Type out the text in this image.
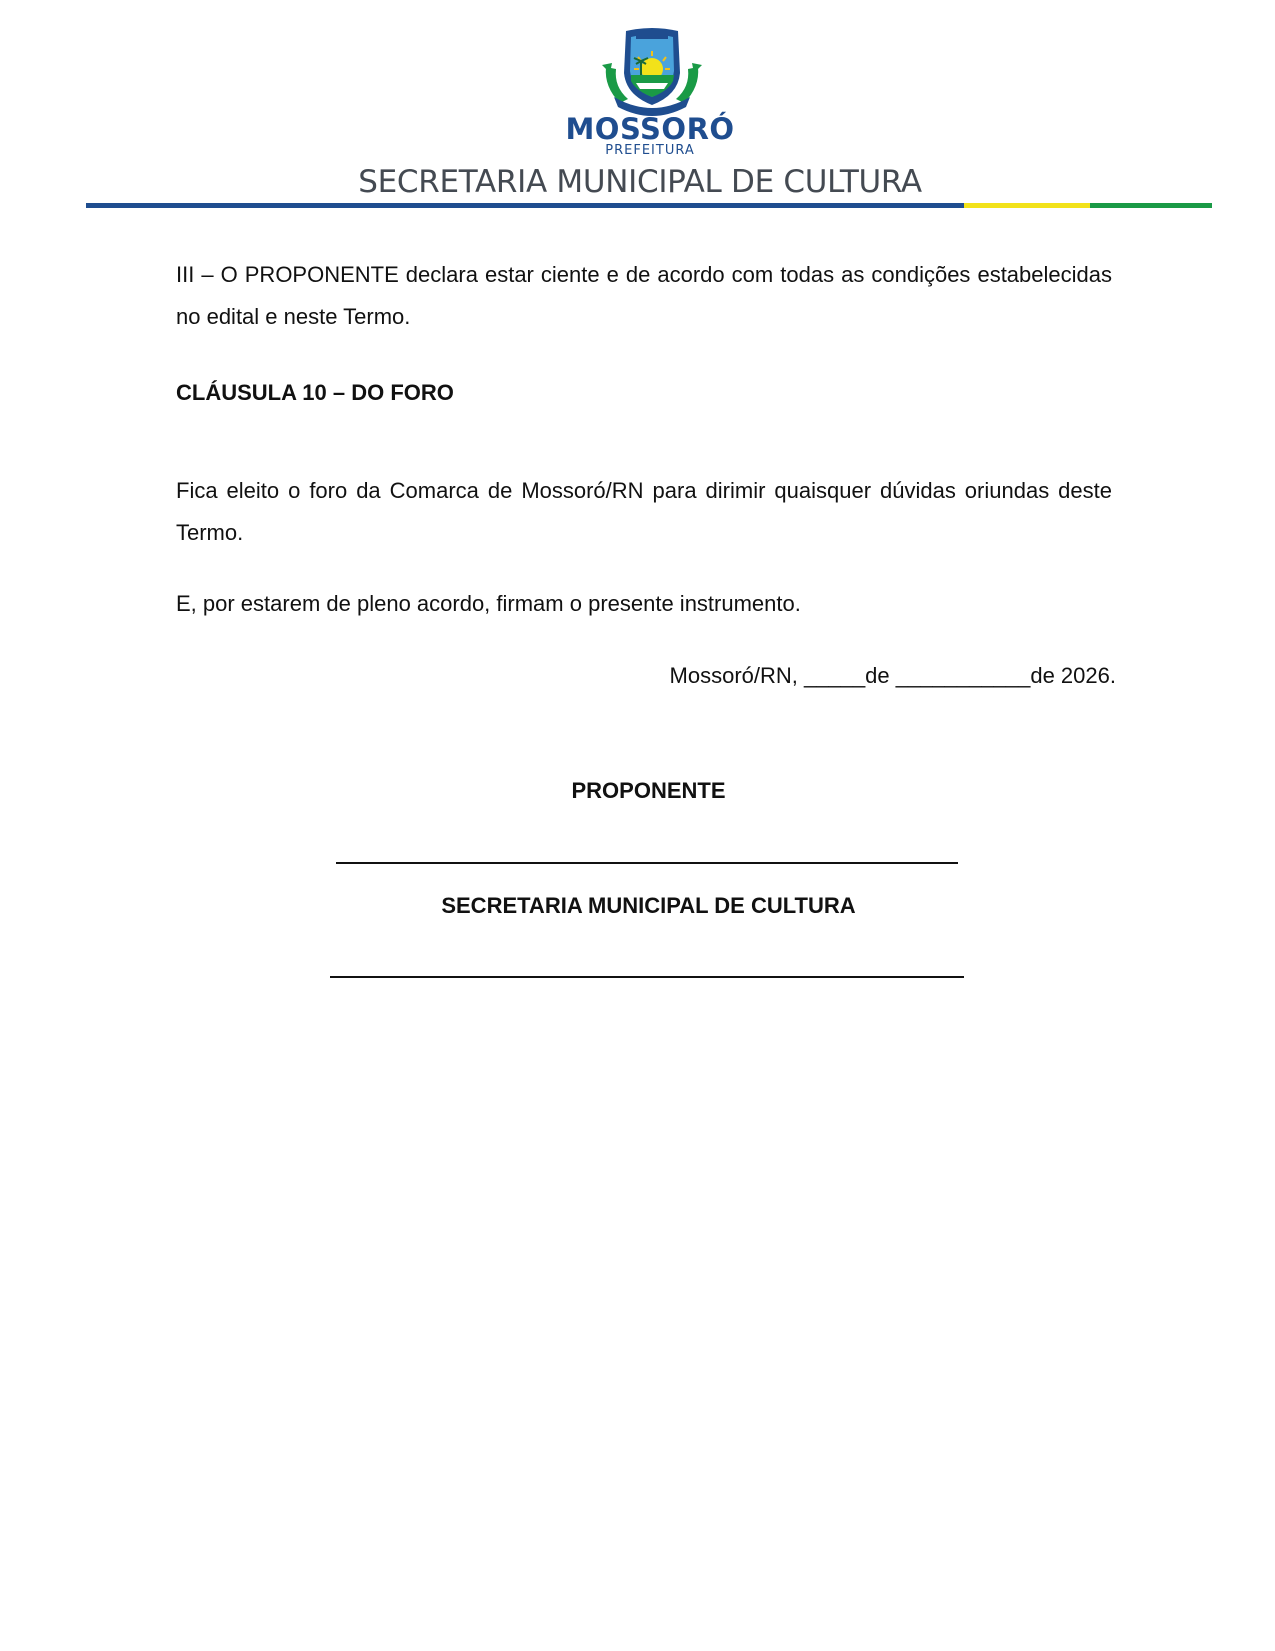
MOSSORÓ
PREFEITURA
SECRETARIA MUNICIPAL DE CULTURA

III – O PROPONENTE declara estar ciente e de acordo com todas as condições estabelecidas no edital e neste Termo.

CLÁUSULA 10 – DO FORO

Fica eleito o foro da Comarca de Mossoró/RN para dirimir quaisquer dúvidas oriundas deste Termo.

E, por estarem de pleno acordo, firmam o presente instrumento.

Mossoró/RN, _____de ___________de 2026.
PROPONENTE
SECRETARIA MUNICIPAL DE CULTURA
